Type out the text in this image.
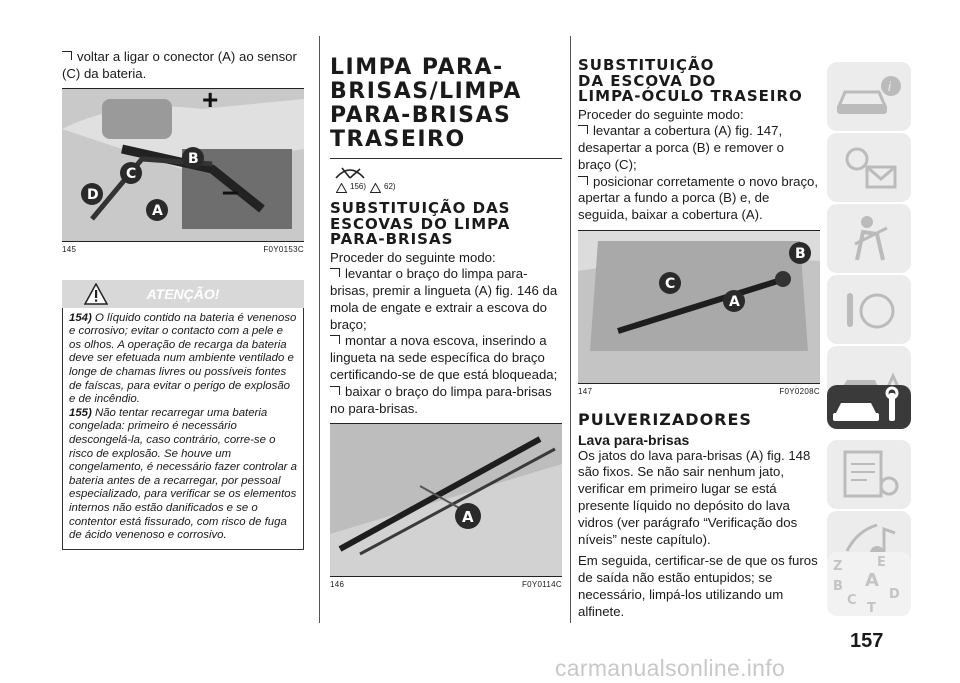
voltar a ligar o conector (A) ao sensor (C) da bateria.

+
–
D
C
B
A
145	F0Y0153C
ATENÇÃO!

154) O líquido contido na bateria é venenoso e corrosivo; evitar o contacto com a pele e os olhos. A operação de recarga da bateria deve ser efetuada num ambiente ventilado e longe de chamas livres ou possíveis fontes de faíscas, para evitar o perigo de explosão e de incêndio.

155) Não tentar recarregar uma bateria congelada: primeiro é necessário descongelá-la, caso contrário, corre-se o risco de explosão. Se houve um congelamento, é necessário fazer controlar a bateria antes de a recarregar, por pessoal especializado, para verificar se os elementos internos não estão danificados e se o contentor está fissurado, com risco de fuga de ácido venenoso e corrosivo.

LIMPA PARA-

BRISAS/LIMPA

PARA-BRISAS

TRASEIRO

156) 62)

SUBSTITUIÇÃO DAS

ESCOVAS DO LIMPA

PARA-BRISAS

Proceder do seguinte modo:

levantar o braço do limpa para-brisas, premir a lingueta (A) fig. 146 da mola de engate e extrair a escova do braço;

montar a nova escova, inserindo a lingueta na sede específica do braço certificando-se de que está bloqueada;

baixar o braço do limpa para-brisas no para-brisas.

A
146	F0Y0114C

SUBSTITUIÇÃO

DA ESCOVA DO

LIMPA-ÓCULO TRASEIRO

Proceder do seguinte modo:

levantar a cobertura (A) fig. 147, desapertar a porca (B) e remover o braço (C);

posicionar corretamente o novo braço, apertar a fundo a porca (B) e, de seguida, baixar a cobertura (A).

B
C
A
147	F0Y0208C

PULVERIZADORES

Lava para-brisas

Os jatos do lava para-brisas (A) fig. 148 são fixos. Se não sair nenhum jato, verificar em primeiro lugar se está presente líquido no depósito do lava vidros (ver parágrafo “Verificação dos níveis” neste capítulo).

Em seguida, certificar-se de que os furos de saída não estão entupidos; se necessário, limpá-los utilizando um alfinete.

i
Z	E
B A
C D
T
157
carmanualsonline.info
